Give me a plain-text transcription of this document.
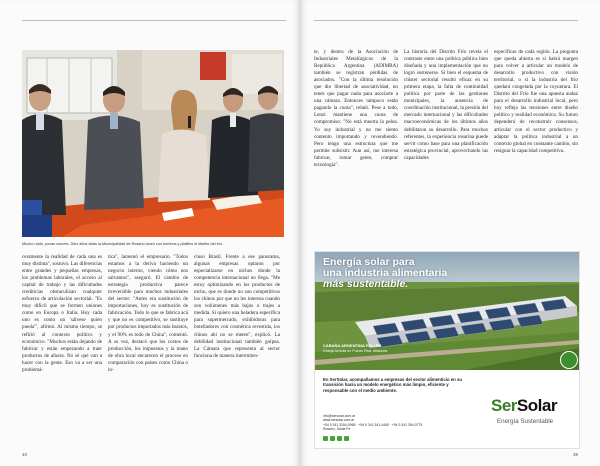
Mucho ruido, pocas nueces. Diez años atrás la Municipalidad de Rosario lanzó con bombos y platillos el distrito del frío.

ceramente la realidad de cada una es muy distinta", sostuvo. Las diferencias entre grandes y pequeñas empresas, los problemas laborales, el acceso al capital de trabajo y las dificultades crediticias obstaculizan cualquier esfuerzo de articulación sectorial. "Es muy difícil que se formen uniones como en Europa o Italia. Hoy cada uno es como un 'sálvese quien pueda'", afirmó. Al mismo tiempo, se refirió al contexto político y económico. "Muchos están dejando de fabricar y están empezando a traer productos de afuera. No sé qué van a hacer con la gente. Eso va a ser una problemá-

tica", lamentó el empresario. "Todos estamos a la deriva haciendo un negocio interno, viendo cómo nos salvamos", aseguró. El cambio de estrategia productiva parece irreversible para muchos industriales del sector: "Antes era sustitución de importaciones, hoy es sustitución de fabricación. Todo lo que se fabrica acá y que no es competitivo, se sustituye por productos importados más baratos, y el 90% es todo de China", comentó. A su vez, destacó que los costos de producción, los impuestos y la mano de obra local encarecen el proceso en comparación con países como China o in-

cluso Brasil. Frente a ese panorama, algunas empresas optaron por especializarse en nichos donde la competencia internacional no llega. "Me estoy optimizando en los productos de nicho, que es donde no son competitivos los chinos por que no les interesa cuando son volúmenes más bajos o trajes a medida. Si quiero una heladera especifica para supermercado, exhibidoras para botelladores con cosmética revestida, los chinos ahí no se meten", explicó. La debilidad institucional también golpea. La Cámara que representa al sector funciona de manera intermiten-

40

te, y dentro de la Asociación de Industriales Metalúrgicos de la República Argentina (ADIMRA) también se registran pérdidas de asociados. "Con la última resolución que dio libertad de asociatividad, no tenés que pagar nada para asociarte a una cámara. Entonces tampoco están pagando la cuota", relató. Pese a todo, Lenzi mantiene una cuota de compromiso: "No está muerta la pelea. Yo soy industrial y no me siento contento importando y revendiendo. Pero tengo una estructura que me permite subsistir. Aun así, me interesa fabricar, tomar gente, comprar tecnología".

La historia del Distrito Frío revela el contraste entre una política pública bien diseñada y una implementación que no logró sostenerse. Si bien el esquema de clúster sectorial resultó eficaz en su primera etapa, la falta de continuidad política por parte de las gestiones municipales, la ausencia de coordinación institucional, la presión del mercado internacional y las dificultades macroeconómicas de los últimos años debilitaron su desarrollo. Para muchos referentes, la experiencia rosarina puede servir como base para una planificación estratégica provincial, aprovechando las capacidades

específicas de cada región. La pregunta que queda abierta es si habrá margen para volver a articular un modelo de desarrollo productivo con visión territorial, o si la industria del frío quedará congelada por la coyuntura. El Distrito del Frío fue una apuesta audaz para el desarrollo industrial local, pero hoy refleja las tensiones entre diseño político y realidad económica. Su futuro dependerá de reconstruir consensos, articular con el sector productivo y adaptar la política industrial a un contexto global en constante cambio, sin resignar la capacidad competitiva.

Energía solar para
una industria alimentaria
más sustentable.
CABAÑA ARGENTINA FELLER
Granja Avícola en Puerto Pirai, Misiones
En SerSolar, acompañamos a empresas del sector alimenticio en su transición hacia un modelo energético más limpio, eficiente y responsable con el medio ambiente.
info@sersolar.com.ar
www.sersolar.com.ar
+54 9 341 3154-0968 · +54 9 341 541-4465 · +54 9 341 394-0779
Rosario, Santa Fe
SerSolar
Energía Sustentable
39
